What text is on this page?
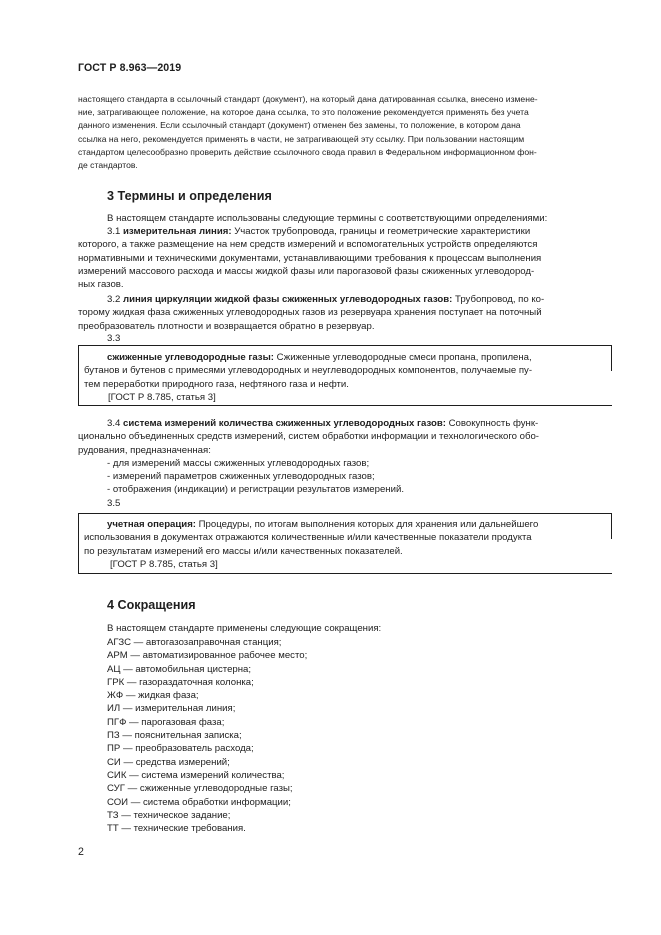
ГОСТ Р 8.963—2019
настоящего стандарта в ссылочный стандарт (документ), на который дана датированная ссылка, внесено измене-
ние, затрагивающее положение, на которое дана ссылка, то это положение рекомендуется применять без учета
данного изменения. Если ссылочный стандарт (документ) отменен без замены, то положение, в котором дана
ссылка на него, рекомендуется применять в части, не затрагивающей эту ссылку. При пользовании настоящим
стандартом целесообразно проверить действие ссылочного свода правил в Федеральном информационном фон-
де стандартов.
3 Термины и определения
В настоящем стандарте использованы следующие термины с соответствующими определениями:
3.1 измерительная линия: Участок трубопровода, границы и геометрические характеристики
которого, а также размещение на нем средств измерений и вспомогательных устройств определяются
нормативными и техническими документами, устанавливающими требования к процессам выполнения
измерений массового расхода и массы жидкой фазы или парогазовой фазы сжиженных углеводород-
ных газов.
3.2 линия циркуляции жидкой фазы сжиженных углеводородных газов: Трубопровод, по ко-
торому жидкая фаза сжиженных углеводородных газов из резервуара хранения поступает на поточный
преобразователь плотности и возвращается обратно в резервуар.
3.3
сжиженные углеводородные газы: Сжиженные углеводородные смеси пропана, пропилена,
бутанов и бутенов с примесями углеводородных и неуглеводородных компонентов, получаемые пу-
тем переработки природного газа, нефтяного газа и нефти.
[ГОСТ Р 8.785, статья 3]
3.4 система измерений количества сжиженных углеводородных газов: Совокупность функ-
ционально объединенных средств измерений, систем обработки информации и технологического обо-
рудования, предназначенная:
- для измерений массы сжиженных углеводородных газов;
- измерений параметров сжиженных углеводородных газов;
- отображения (индикации) и регистрации результатов измерений.
3.5
учетная операция: Процедуры, по итогам выполнения которых для хранения или дальнейшего
использования в документах отражаются количественные и/или качественные показатели продукта
по результатам измерений его массы и/или качественных показателей.
[ГОСТ Р 8.785, статья 3]
4 Сокращения
В настоящем стандарте применены следующие сокращения:
АГЗС — автогазозаправочная станция;
АРМ — автоматизированное рабочее место;
АЦ — автомобильная цистерна;
ГРК — газораздаточная колонка;
ЖФ — жидкая фаза;
ИЛ — измерительная линия;
ПГФ — парогазовая фаза;
ПЗ — пояснительная записка;
ПР — преобразователь расхода;
СИ — средства измерений;
СИК — система измерений количества;
СУГ — сжиженные углеводородные газы;
СОИ — система обработки информации;
ТЗ — техническое задание;
ТТ — технические требования.
2
